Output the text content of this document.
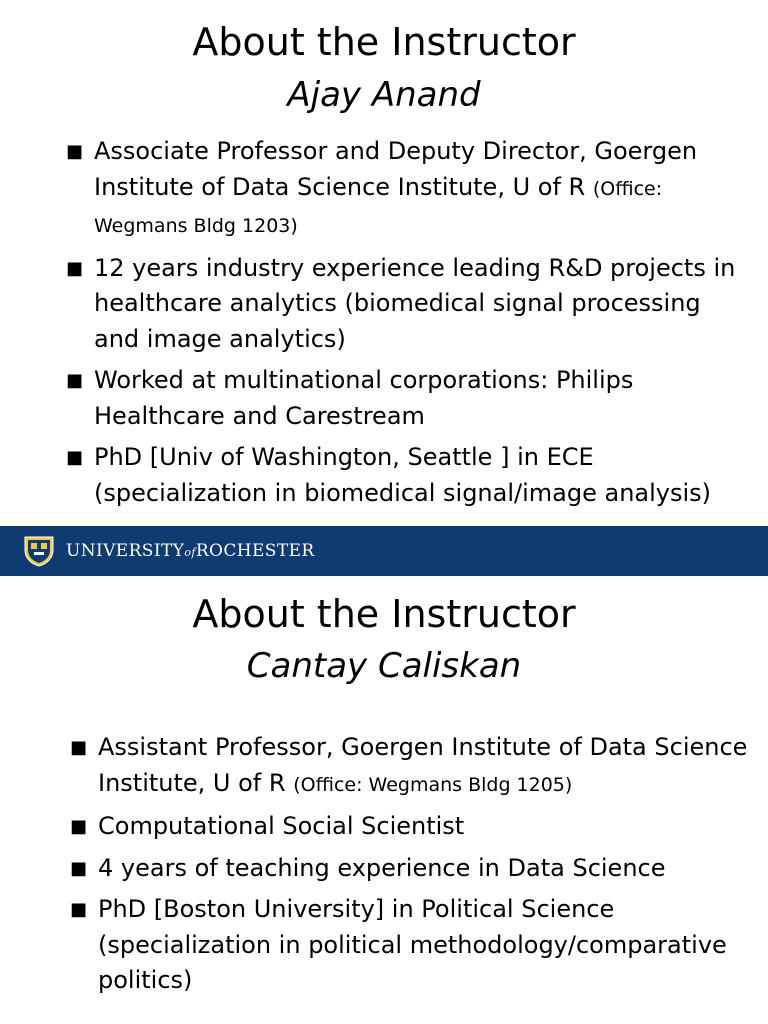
About the Instructor
Ajay Anand
■ Associate Professor and Deputy Director, Goergen Institute of Data Science Institute, U of R (Office: Wegmans Bldg 1203)
■ 12 years industry experience leading R&D projects in healthcare analytics (biomedical signal processing and image analytics)
■ Worked at multinational corporations: Philips Healthcare and Carestream
■ PhD [Univ of Washington, Seattle ] in ECE (specialization in biomedical signal/image analysis)
UNIVERSITYofROCHESTER
About the Instructor
Cantay Caliskan
■ Assistant Professor, Goergen Institute of Data Science Institute, U of R (Office: Wegmans Bldg 1205)
■ Computational Social Scientist
■ 4 years of teaching experience in Data Science
■ PhD [Boston University] in Political Science (specialization in political methodology/comparative politics)
